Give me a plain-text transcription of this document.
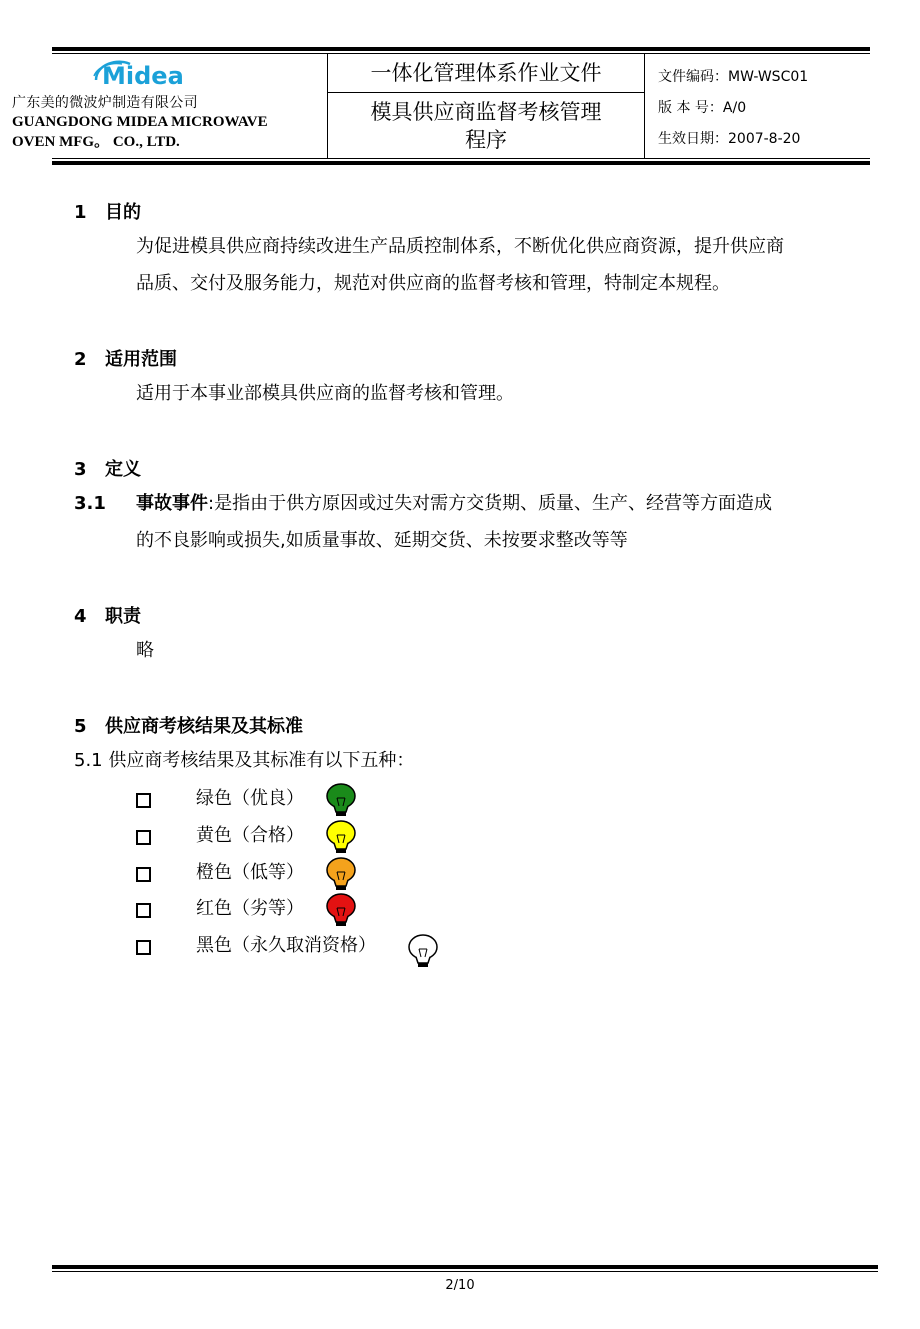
Midea
广东美的微波炉制造有限公司
GUANGDONG MIDEA MICROWAVE
OVEN MFG。 CO., LTD.
一体化管理体系作业文件
模具供应商监督考核管理
程序
文件编码：MW-WSC01
版 本 号：A/0
生效日期：2007-8-20
1 目的
为促进模具供应商持续改进生产品质控制体系，不断优化供应商资源，提升供应商
品质、交付及服务能力，规范对供应商的监督考核和管理，特制定本规程。
2 适用范围
适用于本事业部模具供应商的监督考核和管理。
3 定义
3.1 事故事件:是指由于供方原因或过失对需方交货期、质量、生产、经营等方面造成
的不良影响或损失,如质量事故、延期交货、未按要求整改等等
4 职责
略
5 供应商考核结果及其标准
5.1 供应商考核结果及其标准有以下五种：
绿色（优良）
黄色（合格）
橙色（低等）
红色（劣等）
黑色（永久取消资格）
2/10
